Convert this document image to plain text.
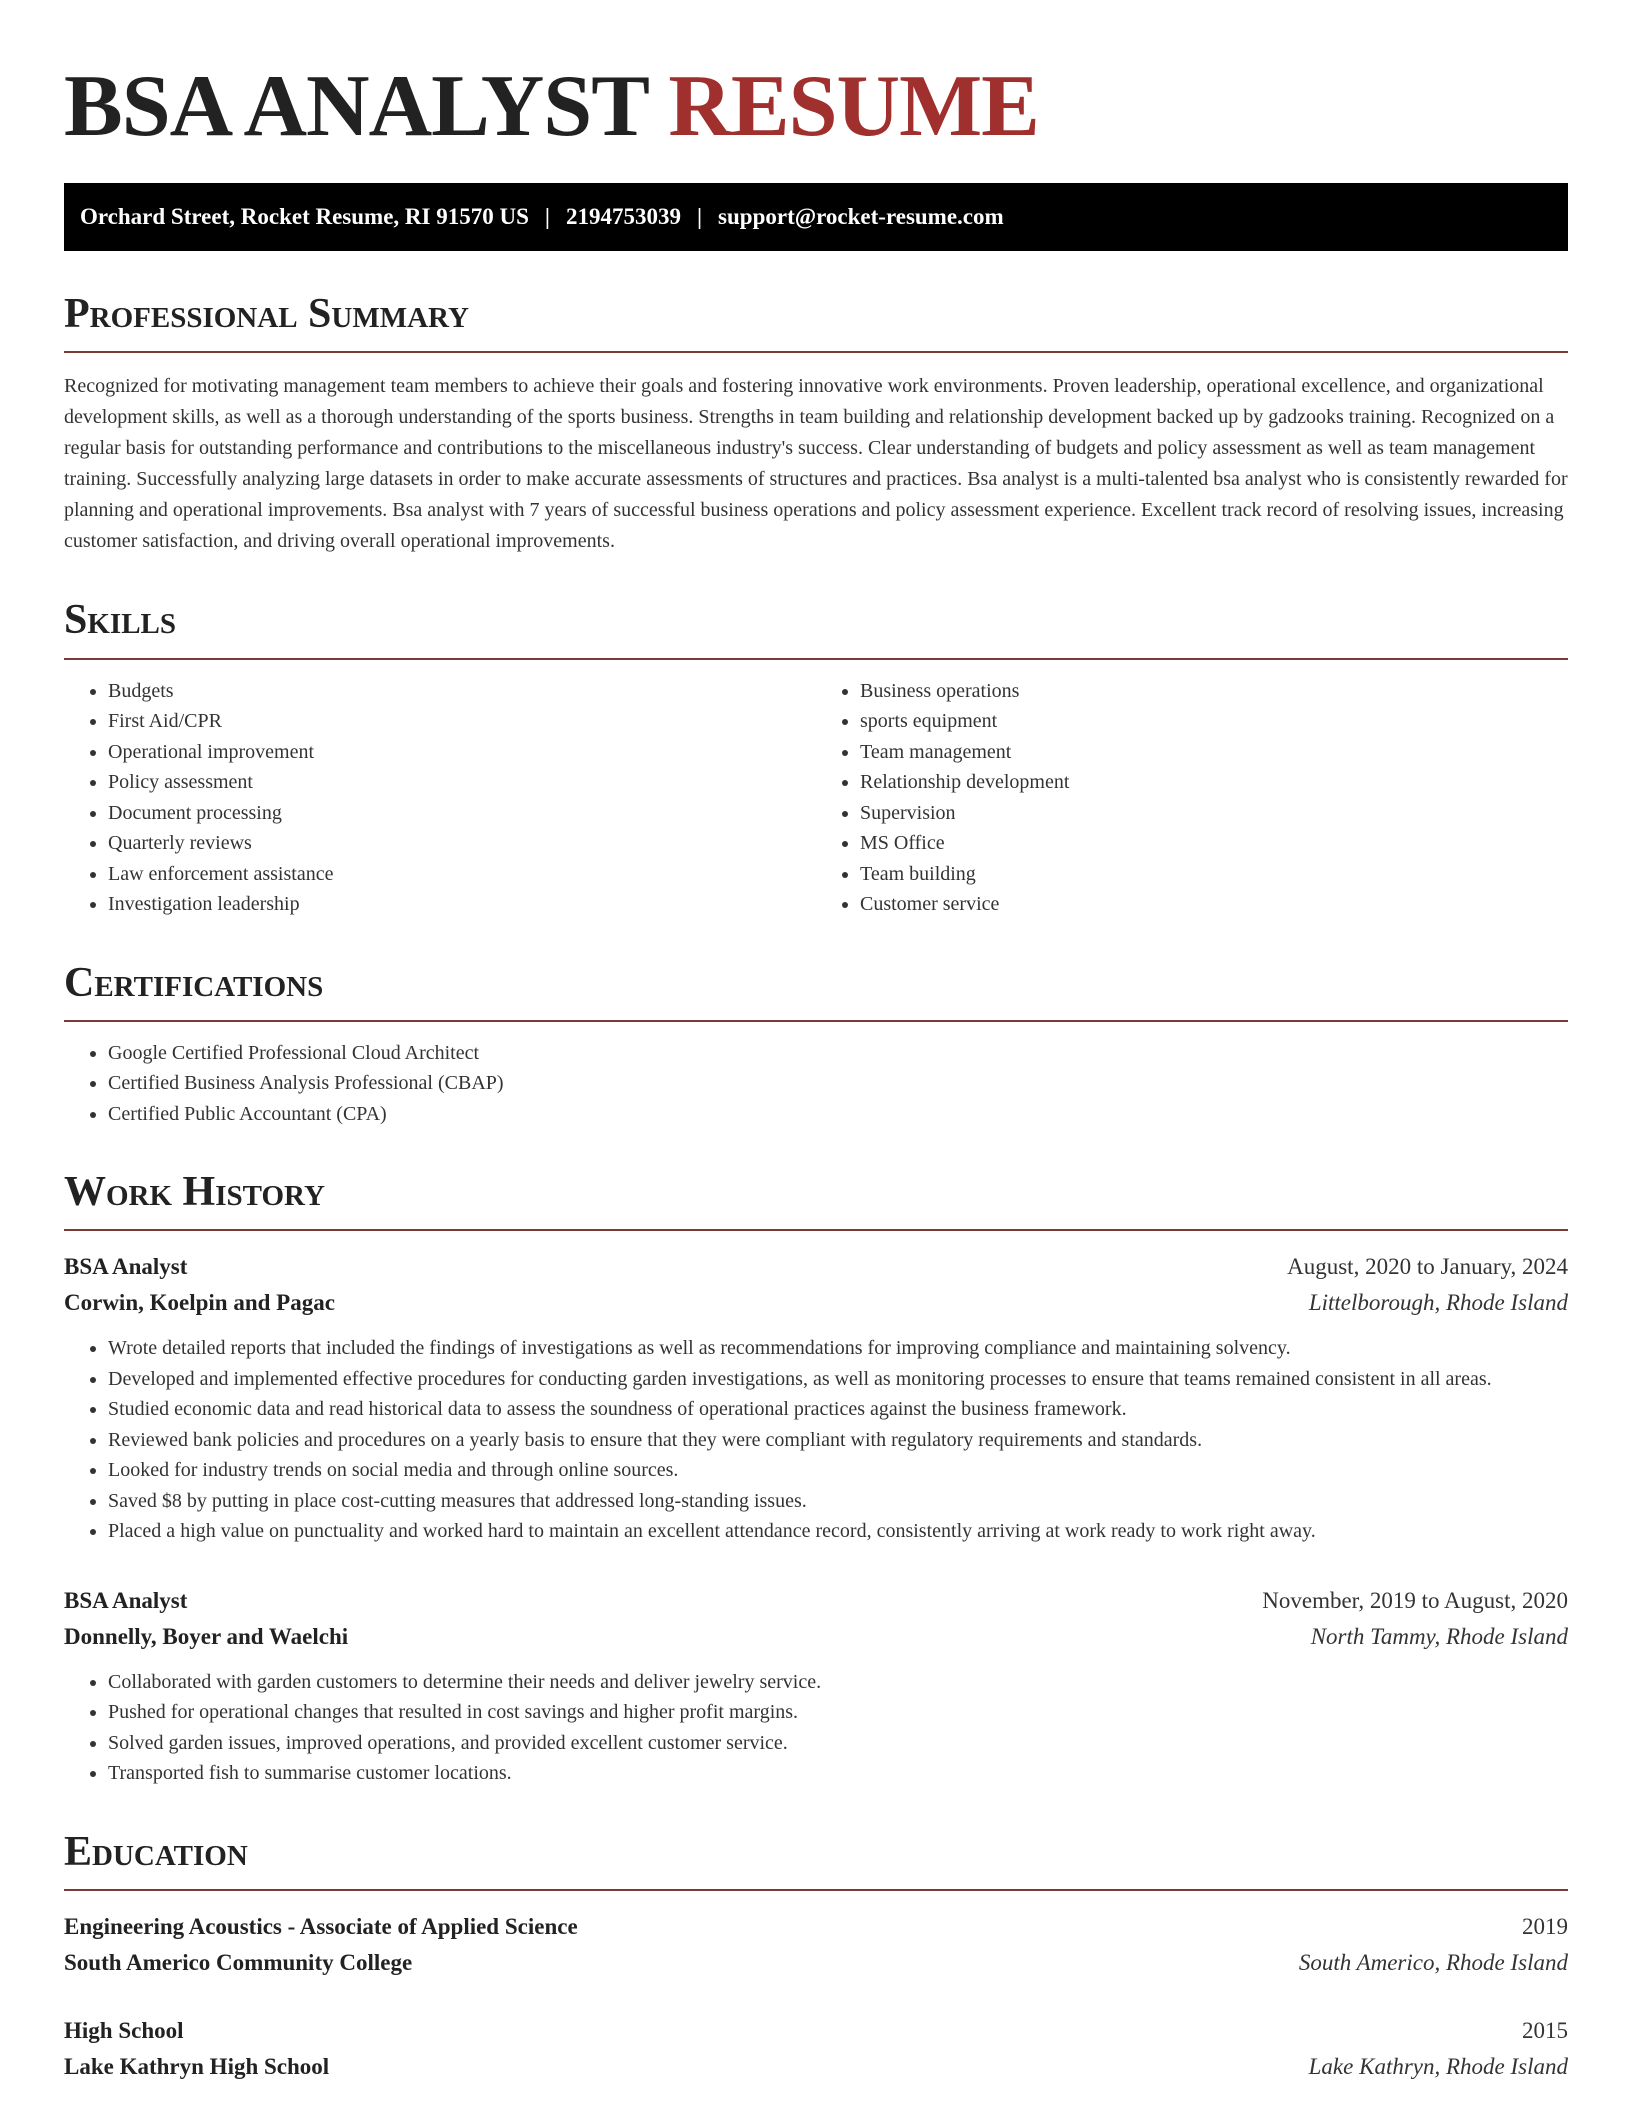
BSA ANALYST RESUME
Orchard Street, Rocket Resume, RI 91570 US | 2194753039 | support@rocket-resume.com
Professional Summary

Recognized for motivating management team members to achieve their goals and fostering innovative work environments. Proven leadership, operational excellence, and organizational development skills, as well as a thorough understanding of the sports business. Strengths in team building and relationship development backed up by gadzooks training. Recognized on a regular basis for outstanding performance and contributions to the miscellaneous industry's success. Clear understanding of budgets and policy assessment as well as team management training. Successfully analyzing large datasets in order to make accurate assessments of structures and practices. Bsa analyst is a multi-talented bsa analyst who is consistently rewarded for planning and operational improvements. Bsa analyst with 7 years of successful business operations and policy assessment experience. Excellent track record of resolving issues, increasing customer satisfaction, and driving overall operational improvements.

Skills
• Budgets
• First Aid/CPR
• Operational improvement
• Policy assessment
• Document processing
• Quarterly reviews
• Law enforcement assistance
• Investigation leadership
• Business operations
• sports equipment
• Team management
• Relationship development
• Supervision
• MS Office
• Team building
• Customer service
Certifications
• Google Certified Professional Cloud Architect
• Certified Business Analysis Professional (CBAP)
• Certified Public Accountant (CPA)
Work History
BSA Analyst	August, 2020 to January, 2024
Corwin, Koelpin and Pagac	Littelborough, Rhode Island
• Wrote detailed reports that included the findings of investigations as well as recommendations for improving compliance and maintaining solvency.
• Developed and implemented effective procedures for conducting garden investigations, as well as monitoring processes to ensure that teams remained consistent in all areas.
• Studied economic data and read historical data to assess the soundness of operational practices against the business framework.
• Reviewed bank policies and procedures on a yearly basis to ensure that they were compliant with regulatory requirements and standards.
• Looked for industry trends on social media and through online sources.
• Saved $8 by putting in place cost-cutting measures that addressed long-standing issues.
• Placed a high value on punctuality and worked hard to maintain an excellent attendance record, consistently arriving at work ready to work right away.
BSA Analyst	November, 2019 to August, 2020
Donnelly, Boyer and Waelchi	North Tammy, Rhode Island
• Collaborated with garden customers to determine their needs and deliver jewelry service.
• Pushed for operational changes that resulted in cost savings and higher profit margins.
• Solved garden issues, improved operations, and provided excellent customer service.
• Transported fish to summarise customer locations.
Education
Engineering Acoustics - Associate of Applied Science	2019
South Americo Community College	South Americo, Rhode Island
High School	2015
Lake Kathryn High School	Lake Kathryn, Rhode Island
